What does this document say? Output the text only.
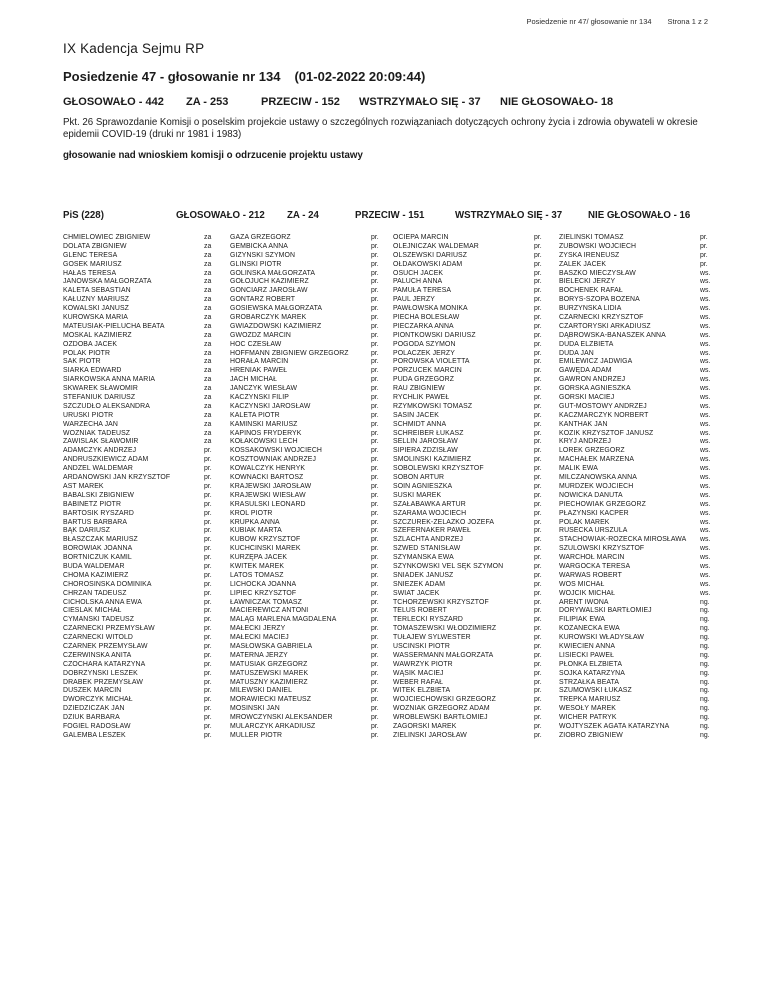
Posiedzenie nr 47/ głosowanie nr 134 Strona 1 z 2
IX Kadencja Sejmu RP
Posiedzenie 47 - głosowanie nr 134 (01-02-2022 20:09:44)
GŁOSOWAŁO - 442 ZA - 253	PRZECIW - 152 WSTRZYMAŁO SIĘ - 37 NIE GŁOSOWAŁO- 18
Pkt. 26 Sprawozdanie Komisji o poselskim projekcie ustawy o szczególnych rozwiązaniach dotyczących ochrony życia i zdrowia obywateli w okresie epidemii COVID-19 (druki nr 1981 i 1983)
głosowanie nad wnioskiem komisji o odrzucenie projektu ustawy
PiS (228)	GŁOSOWAŁO - 212 ZA - 24	PRZECIW - 151	WSTRZYMAŁO SIĘ - 37	NIE GŁOSOWAŁO - 16
CHMIELOWIEC ZBIGNIEW	za
DOLATA ZBIGNIEW	za
GLENC TERESA	za
GOSEK MARIUSZ	za
HAŁAS TERESA	za
JANOWSKA MAŁGORZATA	za
KALETA SEBASTIAN	za
KAŁUŻNY MARIUSZ	za
KOWALSKI JANUSZ	za
KUROWSKA MARIA	za
MATEUSIAK-PIELUCHA BEATA	za
MOSKAL KAZIMIERZ	za
OZDOBA JACEK	za
POLAK PIOTR	za
SAK PIOTR	za
SIARKA EDWARD	za
SIARKOWSKA ANNA MARIA	za
SKWAREK SŁAWOMIR	za
STEFANIUK DARIUSZ	za
SZCZUDŁO ALEKSANDRA	za
URUSKI PIOTR	za
WARZECHA JAN	za
WOŹNIAK TADEUSZ	za
ZAWIŚLAK SŁAWOMIR	za
ADAMCZYK ANDRZEJ	pr.
ANDRUSZKIEWICZ ADAM	pr.
ANDZEL WALDEMAR	pr.
ARDANOWSKI JAN KRZYSZTOF	pr.
AST MAREK	pr.
BABALSKI ZBIGNIEW	pr.
BABINETZ PIOTR	pr.
BARTOSIK RYSZARD	pr.
BARTUŚ BARBARA	pr.
BĄK DARIUSZ	pr.
BŁASZCZAK MARIUSZ	pr.
BOROWIAK JOANNA	pr.
BORTNICZUK KAMIL	pr.
BUDA WALDEMAR	pr.
CHOMA KAZIMIERZ	pr.
CHOROSIŃSKA DOMINIKA	pr.
CHRZAN TADEUSZ	pr.
CICHOLSKA ANNA EWA	pr.
CIEŚLAK MICHAŁ	pr.
CYMAŃSKI TADEUSZ	pr.
CZARNECKI PRZEMYSŁAW	pr.
CZARNECKI WITOLD	pr.
CZARNEK PRZEMYSŁAW	pr.
CZERWIŃSKA ANITA	pr.
CZOCHARA KATARZYNA	pr.
DOBRZYŃSKI LESZEK	pr.
DRABEK PRZEMYSŁAW	pr.
DUSZEK MARCIN	pr.
DWORCZYK MICHAŁ	pr.
DZIEDZICZAK JAN	pr.
DZIUK BARBARA	pr.
FOGIEL RADOSŁAW	pr.
GALEMBA LESZEK	pr.
GAŻA GRZEGORZ	pr.
GEMBICKA ANNA	pr.
GIŻYŃSKI SZYMON	pr.
GLIŃSKI PIOTR	pr.
GOLIŃSKA MAŁGORZATA	pr.
GOŁOJUCH KAZIMIERZ	pr.
GONCIARZ JAROSŁAW	pr.
GONTARZ ROBERT	pr.
GOSIEWSKA MAŁGORZATA	pr.
GRÓBARCZYK MAREK	pr.
GWIAZDOWSKI KAZIMIERZ	pr.
GWÓŹDŹ MARCIN	pr.
HOC CZESŁAW	pr.
HOFFMANN ZBIGNIEW GRZEGORZ	pr.
HORAŁA MARCIN	pr.
HRENIAK PAWEŁ	pr.
JACH MICHAŁ	pr.
JANCZYK WIESŁAW	pr.
KACZYŃSKI FILIP	pr.
KACZYŃSKI JAROSŁAW	pr.
KALETA PIOTR	pr.
KAMIŃSKI MARIUSZ	pr.
KAPINOS FRYDERYK	pr.
KOŁAKOWSKI LECH	pr.
KOSSAKOWSKI WOJCIECH	pr.
KOSZTOWNIAK ANDRZEJ	pr.
KOWALCZYK HENRYK	pr.
KOWNACKI BARTOSZ	pr.
KRAJEWSKI JAROSŁAW	pr.
KRAJEWSKI WIESŁAW	pr.
KRASULSKI LEONARD	pr.
KRÓL PIOTR	pr.
KRUPKA ANNA	pr.
KUBIAK MARTA	pr.
KUBÓW KRZYSZTOF	pr.
KUCHCIŃSKI MAREK	pr.
KURZĘPA JACEK	pr.
KWITEK MAREK	pr.
LATOS TOMASZ	pr.
LICHOCKA JOANNA	pr.
LIPIEC KRZYSZTOF	pr.
ŁAWNICZAK TOMASZ	pr.
MACIEREWICZ ANTONI	pr.
MALĄG MARLENA MAGDALENA	pr.
MAŁECKI JERZY	pr.
MAŁECKI MACIEJ	pr.
MASŁOWSKA GABRIELA	pr.
MATERNA JERZY	pr.
MATUSIAK GRZEGORZ	pr.
MATUSZEWSKI MAREK	pr.
MATUSZNY KAZIMIERZ	pr.
MILEWSKI DANIEL	pr.
MORAWIECKI MATEUSZ	pr.
MOSIŃSKI JAN	pr.
MRÓWCZYŃSKI ALEKSANDER	pr.
MULARCZYK ARKADIUSZ	pr.
MÜLLER PIOTR	pr.
OCIEPA MARCIN	pr.
OLEJNICZAK WALDEMAR	pr.
OLSZEWSKI DARIUSZ	pr.
OŁDAKOWSKI ADAM	pr.
OSUCH JACEK	pr.
PALUCH ANNA	pr.
PAMUŁA TERESA	pr.
PAUL JERZY	pr.
PAWŁOWSKA MONIKA	pr.
PIECHA BOLESŁAW	pr.
PIECZARKA ANNA	pr.
PIONTKOWSKI DARIUSZ	pr.
POGODA SZYMON	pr.
POLACZEK JERZY	pr.
POROWSKA VIOLETTA	pr.
PORZUCEK MARCIN	pr.
PUDA GRZEGORZ	pr.
RAU ZBIGNIEW	pr.
RYCHLIK PAWEŁ	pr.
RZYMKOWSKI TOMASZ	pr.
SASIN JACEK	pr.
SCHMIDT ANNA	pr.
SCHREIBER ŁUKASZ	pr.
SELLIN JAROSŁAW	pr.
SIPIERA ZDZISŁAW	pr.
SMOLIŃSKI KAZIMIERZ	pr.
SOBOLEWSKI KRZYSZTOF	pr.
SOBOŃ ARTUR	pr.
SOIN AGNIESZKA	pr.
SUSKI MAREK	pr.
SZAŁABAWKA ARTUR	pr.
SZARAMA WOJCIECH	pr.
SZCZUREK-ŻELAZKO JÓZEFA	pr.
SZEFERNAKER PAWEŁ	pr.
SZLACHTA ANDRZEJ	pr.
SZWED STANISŁAW	pr.
SZYMAŃSKA EWA	pr.
SZYNKOWSKI VEL SĘK SZYMON	pr.
ŚNIADEK JANUSZ	pr.
ŚNIEŻEK ADAM	pr.
ŚWIAT JACEK	pr.
TCHÓRZEWSKI KRZYSZTOF	pr.
TELUS ROBERT	pr.
TERLECKI RYSZARD	pr.
TOMASZEWSKI WŁODZIMIERZ	pr.
TUŁAJEW SYLWESTER	pr.
UŚCIŃSKI PIOTR	pr.
WASSERMANN MAŁGORZATA	pr.
WAWRZYK PIOTR	pr.
WĄSIK MACIEJ	pr.
WEBER RAFAŁ	pr.
WITEK ELŻBIETA	pr.
WOJCIECHOWSKI GRZEGORZ	pr.
WOŹNIAK GRZEGORZ ADAM	pr.
WRÓBLEWSKI BARTŁOMIEJ	pr.
ZAGÓRSKI MAREK	pr.
ZIELIŃSKI JAROSŁAW	pr.
ZIELIŃSKI TOMASZ	pr.
ZUBOWSKI WOJCIECH	pr.
ZYSKA IRENEUSZ	pr.
ŻALEK JACEK	pr.
BASZKO MIECZYSŁAW	ws.
BIELECKI JERZY	ws.
BOCHENEK RAFAŁ	ws.
BORYS-SZOPA BOŻENA	ws.
BURZYŃSKA LIDIA	ws.
CZARNECKI KRZYSZTOF	ws.
CZARTORYSKI ARKADIUSZ	ws.
DĄBROWSKA-BANASZEK ANNA	ws.
DUDA ELŻBIETA	ws.
DUDA JAN	ws.
EMILEWICZ JADWIGA	ws.
GAWĘDA ADAM	ws.
GAWRON ANDRZEJ	ws.
GÓRSKA AGNIESZKA	ws.
GÓRSKI MACIEJ	ws.
GUT-MOSTOWY ANDRZEJ	ws.
KACZMARCZYK NORBERT	ws.
KANTHAK JAN	ws.
KOZIK KRZYSZTOF JANUSZ	ws.
KRYJ ANDRZEJ	ws.
LOREK GRZEGORZ	ws.
MACHAŁEK MARZENA	ws.
MALIK EWA	ws.
MILCZANOWSKA ANNA	ws.
MURDZEK WOJCIECH	ws.
NOWICKA DANUTA	ws.
PIECHOWIAK GRZEGORZ	ws.
PŁAŻYŃSKI KACPER	ws.
POLAK MAREK	ws.
RUSECKA URSZULA	ws.
STACHOWIAK-RÓŻECKA MIROSŁAWA	ws.
SZULOWSKI KRZYSZTOF	ws.
WARCHOŁ MARCIN	ws.
WARGOCKA TERESA	ws.
WARWAS ROBERT	ws.
WOŚ MICHAŁ	ws.
WÓJCIK MICHAŁ	ws.
ARENT IWONA	ng.
DORYWALSKI BARTŁOMIEJ	ng.
FILIPIAK EWA	ng.
KOZANECKA EWA	ng.
KUROWSKI WŁADYSŁAW	ng.
KWIECIEŃ ANNA	ng.
LISIECKI PAWEŁ	ng.
PŁONKA ELŻBIETA	ng.
SÓJKA KATARZYNA	ng.
STRZAŁKA BEATA	ng.
SZUMOWSKI ŁUKASZ	ng.
TREPKA MARIUSZ	ng.
WESOŁY MAREK	ng.
WICHER PATRYK	ng.
WOJTYSZEK AGATA KATARZYNA	ng.
ZIOBRO ZBIGNIEW	ng.
